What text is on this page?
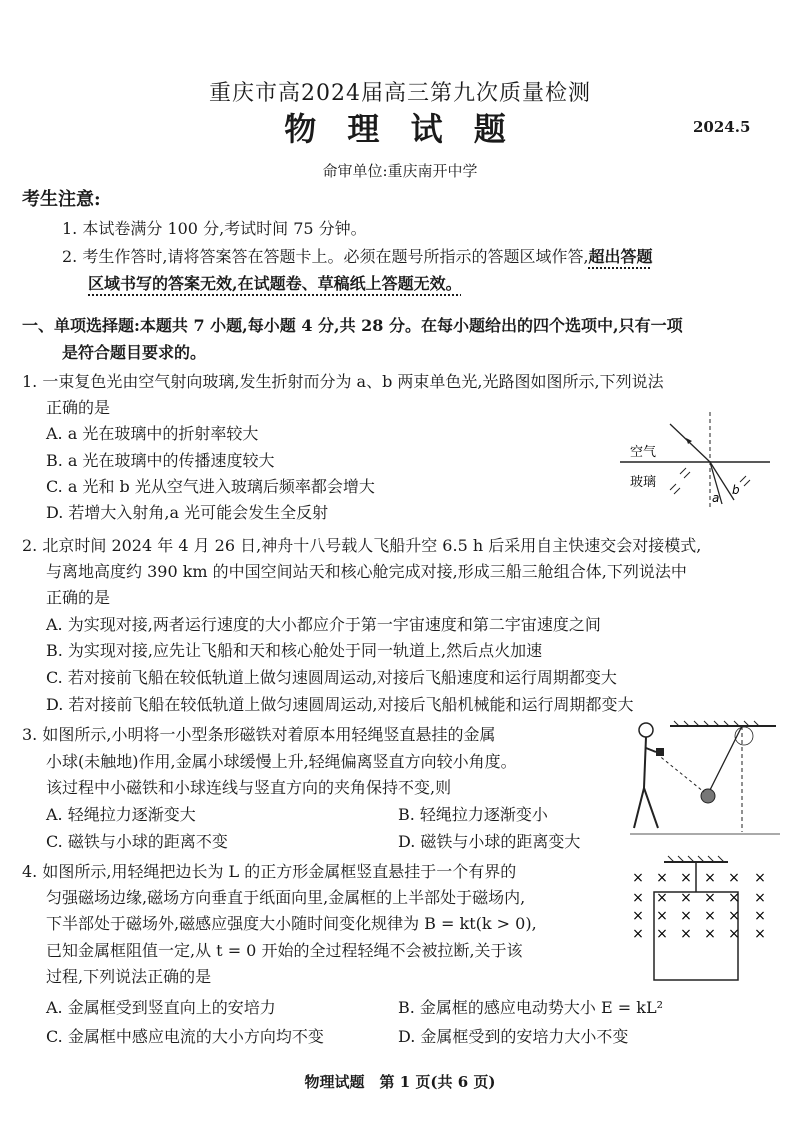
重庆市高2024届高三第九次质量检测
物 理 试 题	2024.5
命审单位:重庆南开中学
考生注意:
1. 本试卷满分 100 分,考试时间 75 分钟。
2. 考生作答时,请将答案答在答题卡上。必须在题号所指示的答题区域作答,超出答题
区域书写的答案无效,在试题卷、草稿纸上答题无效。
一、单项选择题:本题共 7 小题,每小题 4 分,共 28 分。在每小题给出的四个选项中,只有一项
是符合题目要求的。
1. 一束复色光由空气射向玻璃,发生折射而分为 a、b 两束单色光,光路图如图所示,下列说法
正确的是
A. a 光在玻璃中的折射率较大
B. a 光在玻璃中的传播速度较大
C. a 光和 b 光从空气进入玻璃后频率都会增大
D. 若增大入射角,a 光可能会发生全反射
空气
玻璃
a
b
2. 北京时间 2024 年 4 月 26 日,神舟十八号载人飞船升空 6.5 h 后采用自主快速交会对接模式,
与离地高度约 390 km 的中国空间站天和核心舱完成对接,形成三船三舱组合体,下列说法中
正确的是
A. 为实现对接,两者运行速度的大小都应介于第一宇宙速度和第二宇宙速度之间
B. 为实现对接,应先让飞船和天和核心舱处于同一轨道上,然后点火加速
C. 若对接前飞船在较低轨道上做匀速圆周运动,对接后飞船速度和运行周期都变大
D. 若对接前飞船在较低轨道上做匀速圆周运动,对接后飞船机械能和运行周期都变大
3. 如图所示,小明将一小型条形磁铁对着原本用轻绳竖直悬挂的金属
小球(未触地)作用,金属小球缓慢上升,轻绳偏离竖直方向较小角度。
该过程中小磁铁和小球连线与竖直方向的夹角保持不变,则
A. 轻绳拉力逐渐变大	B. 轻绳拉力逐渐变小
C. 磁铁与小球的距离不变	D. 磁铁与小球的距离变大
4. 如图所示,用轻绳把边长为 L 的正方形金属框竖直悬挂于一个有界的
匀强磁场边缘,磁场方向垂直于纸面向里,金属框的上半部处于磁场内,
下半部处于磁场外,磁感应强度大小随时间变化规律为 B = kt(k > 0),
已知金属框阻值一定,从 t = 0 开始的全过程轻绳不会被拉断,关于该
过程,下列说法正确的是
A. 金属框受到竖直向上的安培力	B. 金属框的感应电动势大小 E = kL²
C. 金属框中感应电流的大小方向均不变	D. 金属框受到的安培力大小不变
× × × × × ×
× × × × × ×
× × × × × ×
× × × × × ×
物理试题　第 1 页(共 6 页)
